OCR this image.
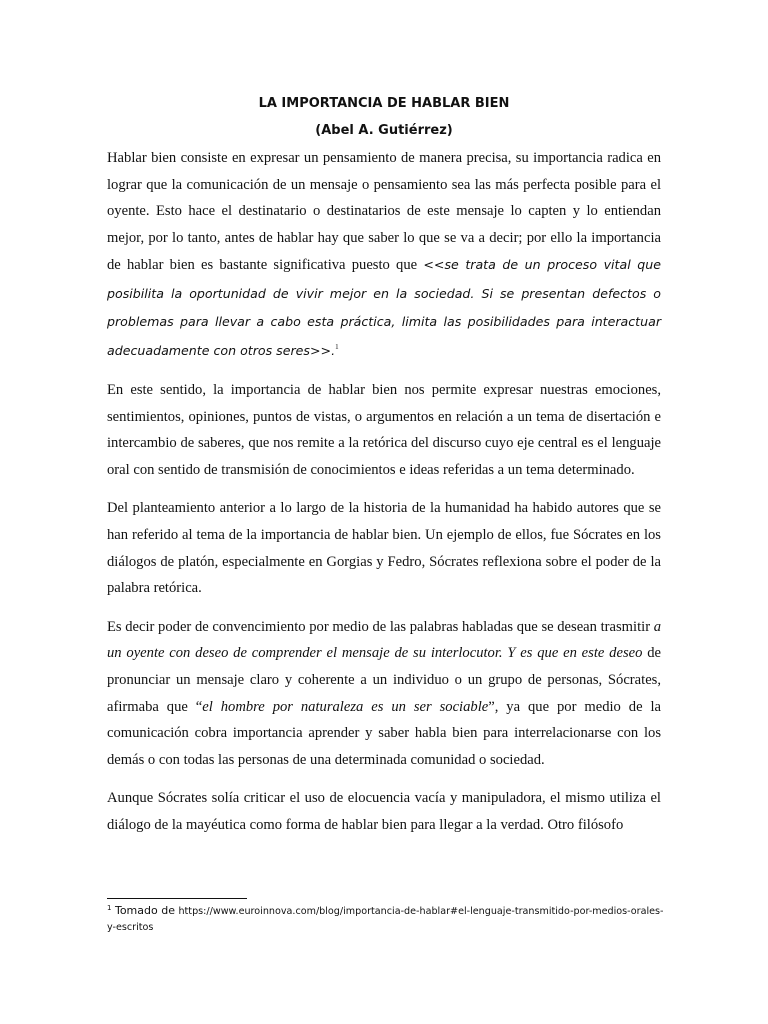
LA IMPORTANCIA DE HABLAR BIEN
(Abel A. Gutiérrez)

Hablar bien consiste en expresar un pensamiento de manera precisa, su importancia radica en lograr que la comunicación de un mensaje o pensamiento sea las más perfecta posible para el oyente. Esto hace el destinatario o destinatarios de este mensaje lo capten y lo entiendan mejor, por lo tanto, antes de hablar hay que saber lo que se va a decir; por ello la importancia de hablar bien es bastante significativa puesto que <<se trata de un proceso vital que posibilita la oportunidad de vivir mejor en la sociedad. Si se presentan defectos o problemas para llevar a cabo esta práctica, limita las posibilidades para interactuar adecuadamente con otros seres>>.$^1$

En este sentido, la importancia de hablar bien nos permite expresar nuestras emociones, sentimientos, opiniones, puntos de vistas, o argumentos en relación a un tema de disertación e intercambio de saberes, que nos remite a la retórica del discurso cuyo eje central es el lenguaje oral con sentido de transmisión de conocimientos e ideas referidas a un tema determinado.

Del planteamiento anterior a lo largo de la historia de la humanidad ha habido autores que se han referido al tema de la importancia de hablar bien. Un ejemplo de ellos, fue Sócrates en los diálogos de platón, especialmente en Gorgias y Fedro, Sócrates reflexiona sobre el poder de la palabra retórica.

Es decir poder de convencimiento por medio de las palabras habladas que se desean trasmitir a un oyente con deseo de comprender el mensaje de su interlocutor. Y es que en este deseo de pronunciar un mensaje claro y coherente a un individuo o un grupo de personas, Sócrates, afirmaba que “el hombre por naturaleza es un ser sociable”, ya que por medio de la comunicación cobra importancia aprender y saber habla bien para interrelacionarse con los demás o con todas las personas de una determinada comunidad o sociedad.

Aunque Sócrates solía criticar el uso de elocuencia vacía y manipuladora, el mismo utiliza el diálogo de la mayéutica como forma de hablar bien para llegar a la verdad. Otro filósofo

$^1$ Tomado de https://www.euroinnova.com/blog/importancia-de-hablar#el-lenguaje-transmitido-por-medios-orales-y-escritos
